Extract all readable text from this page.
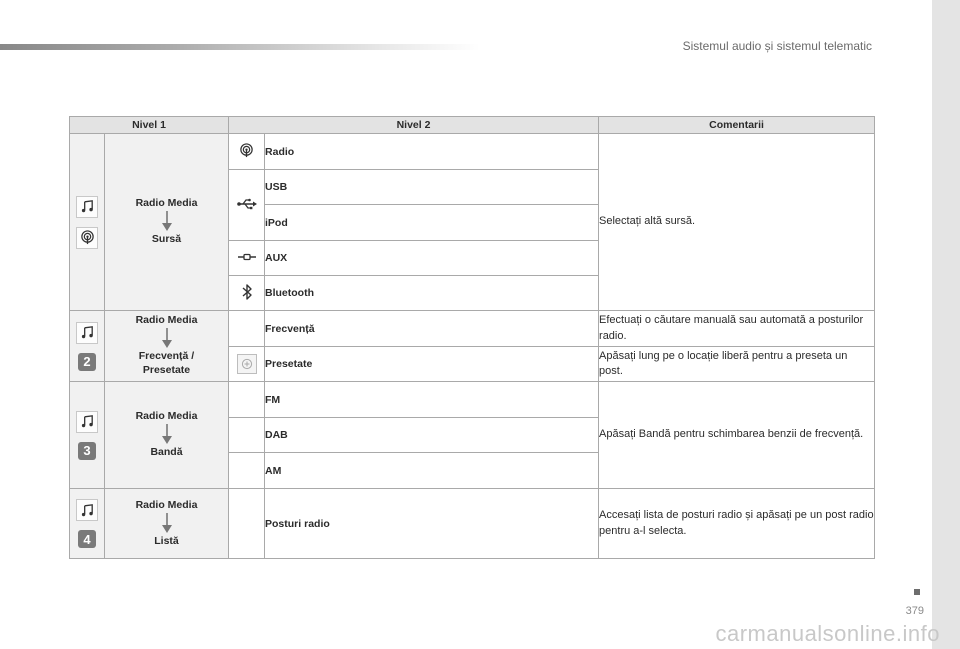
Sistemul audio și sistemul telematic
Nivel 1		Nivel 2		Comentarii

Radio Media
Sursă		Radio	Selectați altă sursă.
	USB	
			iPod	
	AUX	
	Bluetooth	

2	Radio Media
Frecvență / Presetate		Frecvență	Efectuați o căutare manuală sau automată a posturilor radio.

	Presetate	Apăsați lung pe o locație liberă pentru a preseta un post.

3	Radio Media
Bandă		FM	Apăsați Bandă pentru schimbarea benzii de frecvență.
			DAB	
			AM	

4	Radio Media
Listă		Posturi radio	Accesați lista de posturi radio și apăsați pe un post radio pentru a-l selecta.
379
carmanualsonline.info
